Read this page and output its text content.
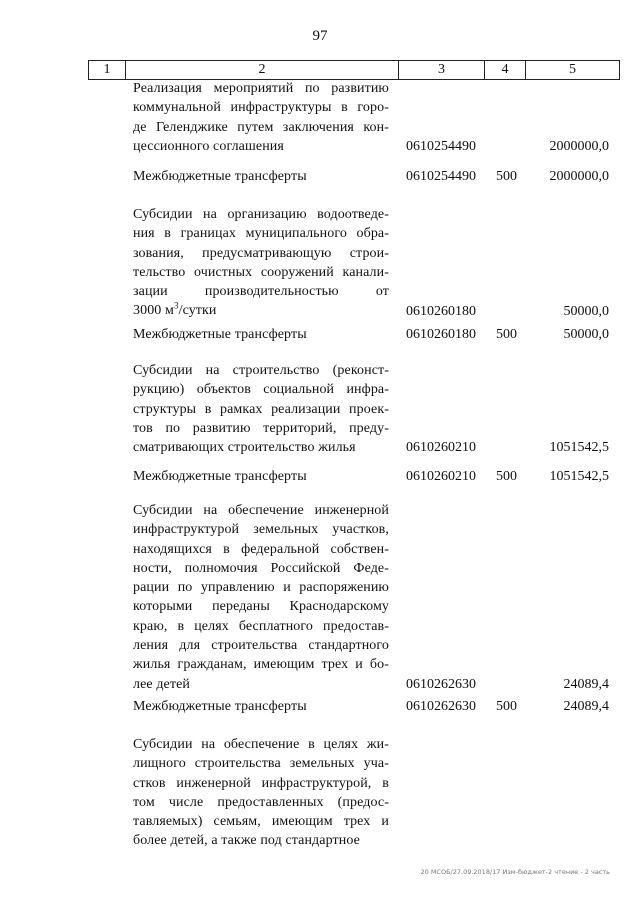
97
1	2	3	4	5
Реализация мероприятий по развитию
коммунальной инфраструктуры в горо-
де Геленджике путем заключения кон-
цессионного соглашения	0610254490	2000000,0
Межбюджетные трансферты	0610254490 500 2000000,0
Субсидии на организацию водоотведе-
ния в границах муниципального обра-
зования, предусматривающую строи-
тельство очистных сооружений канали-
зации производительностью от
3000 $м^3$/сутки	0610260180	50000,0
Межбюджетные трансферты	0610260180 500	50000,0
Субсидии на строительство (реконст-
рукцию) объектов социальной инфра-
структуры в рамках реализации проек-
тов по развитию территорий, преду-
сматривающих строительство жилья	0610260210	1051542,5
Межбюджетные трансферты	0610260210 500 1051542,5
Субсидии на обеспечение инженерной
инфраструктурой земельных участков,
находящихся в федеральной собствен-
ности, полномочия Российской Феде-
рации по управлению и распоряжению
которыми переданы Краснодарскому
краю, в целях бесплатного предостав-
ления для строительства стандартного
жилья гражданам, имеющим трех и бо-
лее детей	0610262630	24089,4
Межбюджетные трансферты	0610262630 500	24089,4
Субсидии на обеспечение в целях жи-
лищного строительства земельных уча-
стков инженерной инфраструктурой, в
том числе предоставленных (предос-
тавляемых) семьям, имеющим трех и
более детей, а также под стандартное
20 МСОБ/27.09.2018/17 Изм-бюджет-2 чтение - 2 часть
